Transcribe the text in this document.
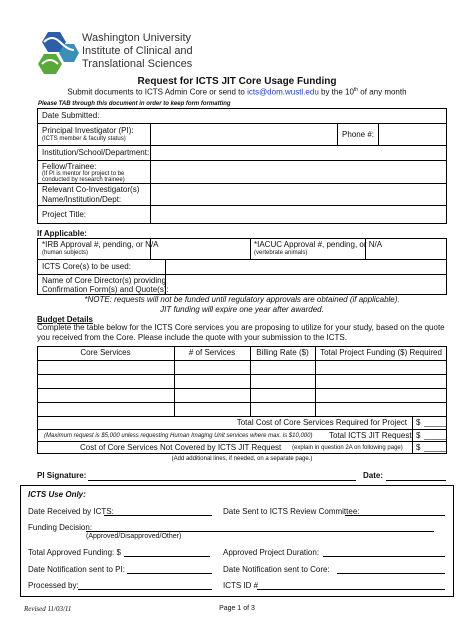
Washington University
Institute of Clinical and
Translational Sciences
Request for ICTS JIT Core Usage Funding
Submit documents to ICTS Admin Core or send to icts@dom.wustl.edu by the 10th of any month
Please TAB through this document in order to keep form formatting
Date Submitted:
Principal Investigator (PI):
(ICTS member & faculty status)	Phone #:
Institution/School/Department:
Fellow/Trainee:
(If PI is mentor for project to be
conducted by research trainee)
Relevant Co-Investigator(s)
Name/Institution/Dept:
Project Title:
If Applicable:
*IRB Approval #, pending, or N/A
(human subjects)
*IACUC Approval #, pending, or N/A
(vertebrate animals)
ICTS Core(s) to be used:
Name of Core Director(s) providing
Confirmation Form(s) and Quote(s):
*NOTE: requests will not be funded until regulatory approvals are obtained (if applicable).
JIT funding will expire one year after awarded.
Budget Details
Complete the table below for the ICTS Core services you are proposing to utilize for your study, based on the quote you received from the Core. Please include the quote with your submission to the ICTS.
Core Services	# of Services	Billing Rate ($)	Total Project Funding ($) Required
Total Cost of Core Services Required for Project $ _____
(Maximum request is $5,000 unless requesting Human Imaging Unit services where max. is $10,000) Total ICTS JIT Request $ _____
Cost of Core Services Not Covered by ICTS JIT Request (explain in question 2A on following page) $ _____
(Add additional lines, if needed, on a separate page.)
PI Signature:	Date:
ICTS Use Only:
Date Received by ICTS:	Date Sent to ICTS Review Committee:
Funding Decision:
(Approved/Disapproved/Other)
Total Approved Funding: $	Approved Project Duration:
Date Notification sent to PI:	Date Notification sent to Core:
Processed by:	ICTS ID #
Revised 11/03/11	Page 1 of 3
